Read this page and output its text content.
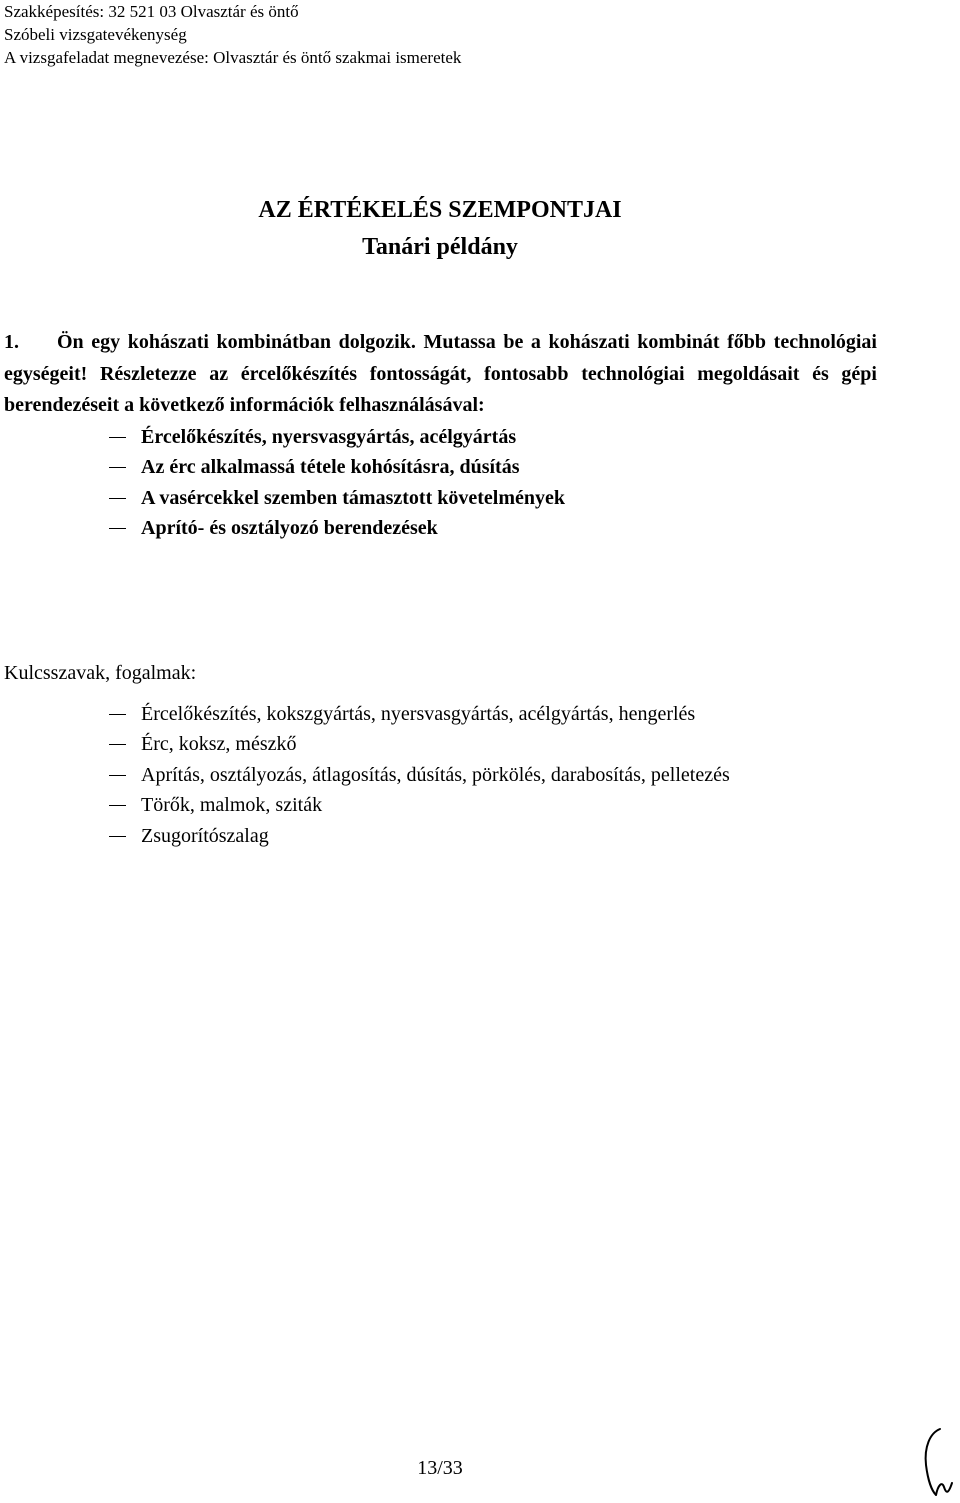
Szakképesítés: 32 521 03 Olvasztár és öntő
Szóbeli vizsgatevékenység
A vizsgafeladat megnevezése: Olvasztár és öntő szakmai ismeretek
AZ ÉRTÉKELÉS SZEMPONTJAI
Tanári példány
1. Ön egy kohászati kombinátban dolgozik. Mutassa be a kohászati kombinát főbb technológiai egységeit! Részletezze az ércelőkészítés fontosságát, fontosabb technológiai megoldásait és gépi berendezéseit a következő információk felhasználásával:
Ércelőkészítés, nyersvasgyártás, acélgyártás
Az érc alkalmassá tétele kohósításra, dúsítás
A vasércekkel szemben támasztott követelmények
Aprító- és osztályozó berendezések
Kulcsszavak, fogalmak:
Ércelőkészítés, kokszgyártás, nyersvasgyártás, acélgyártás, hengerlés
Érc, koksz, mészkő
Aprítás, osztályozás, átlagosítás, dúsítás, pörkölés, darabosítás, pelletezés
Törők, malmok, sziták
Zsugorítószalag
13/33
